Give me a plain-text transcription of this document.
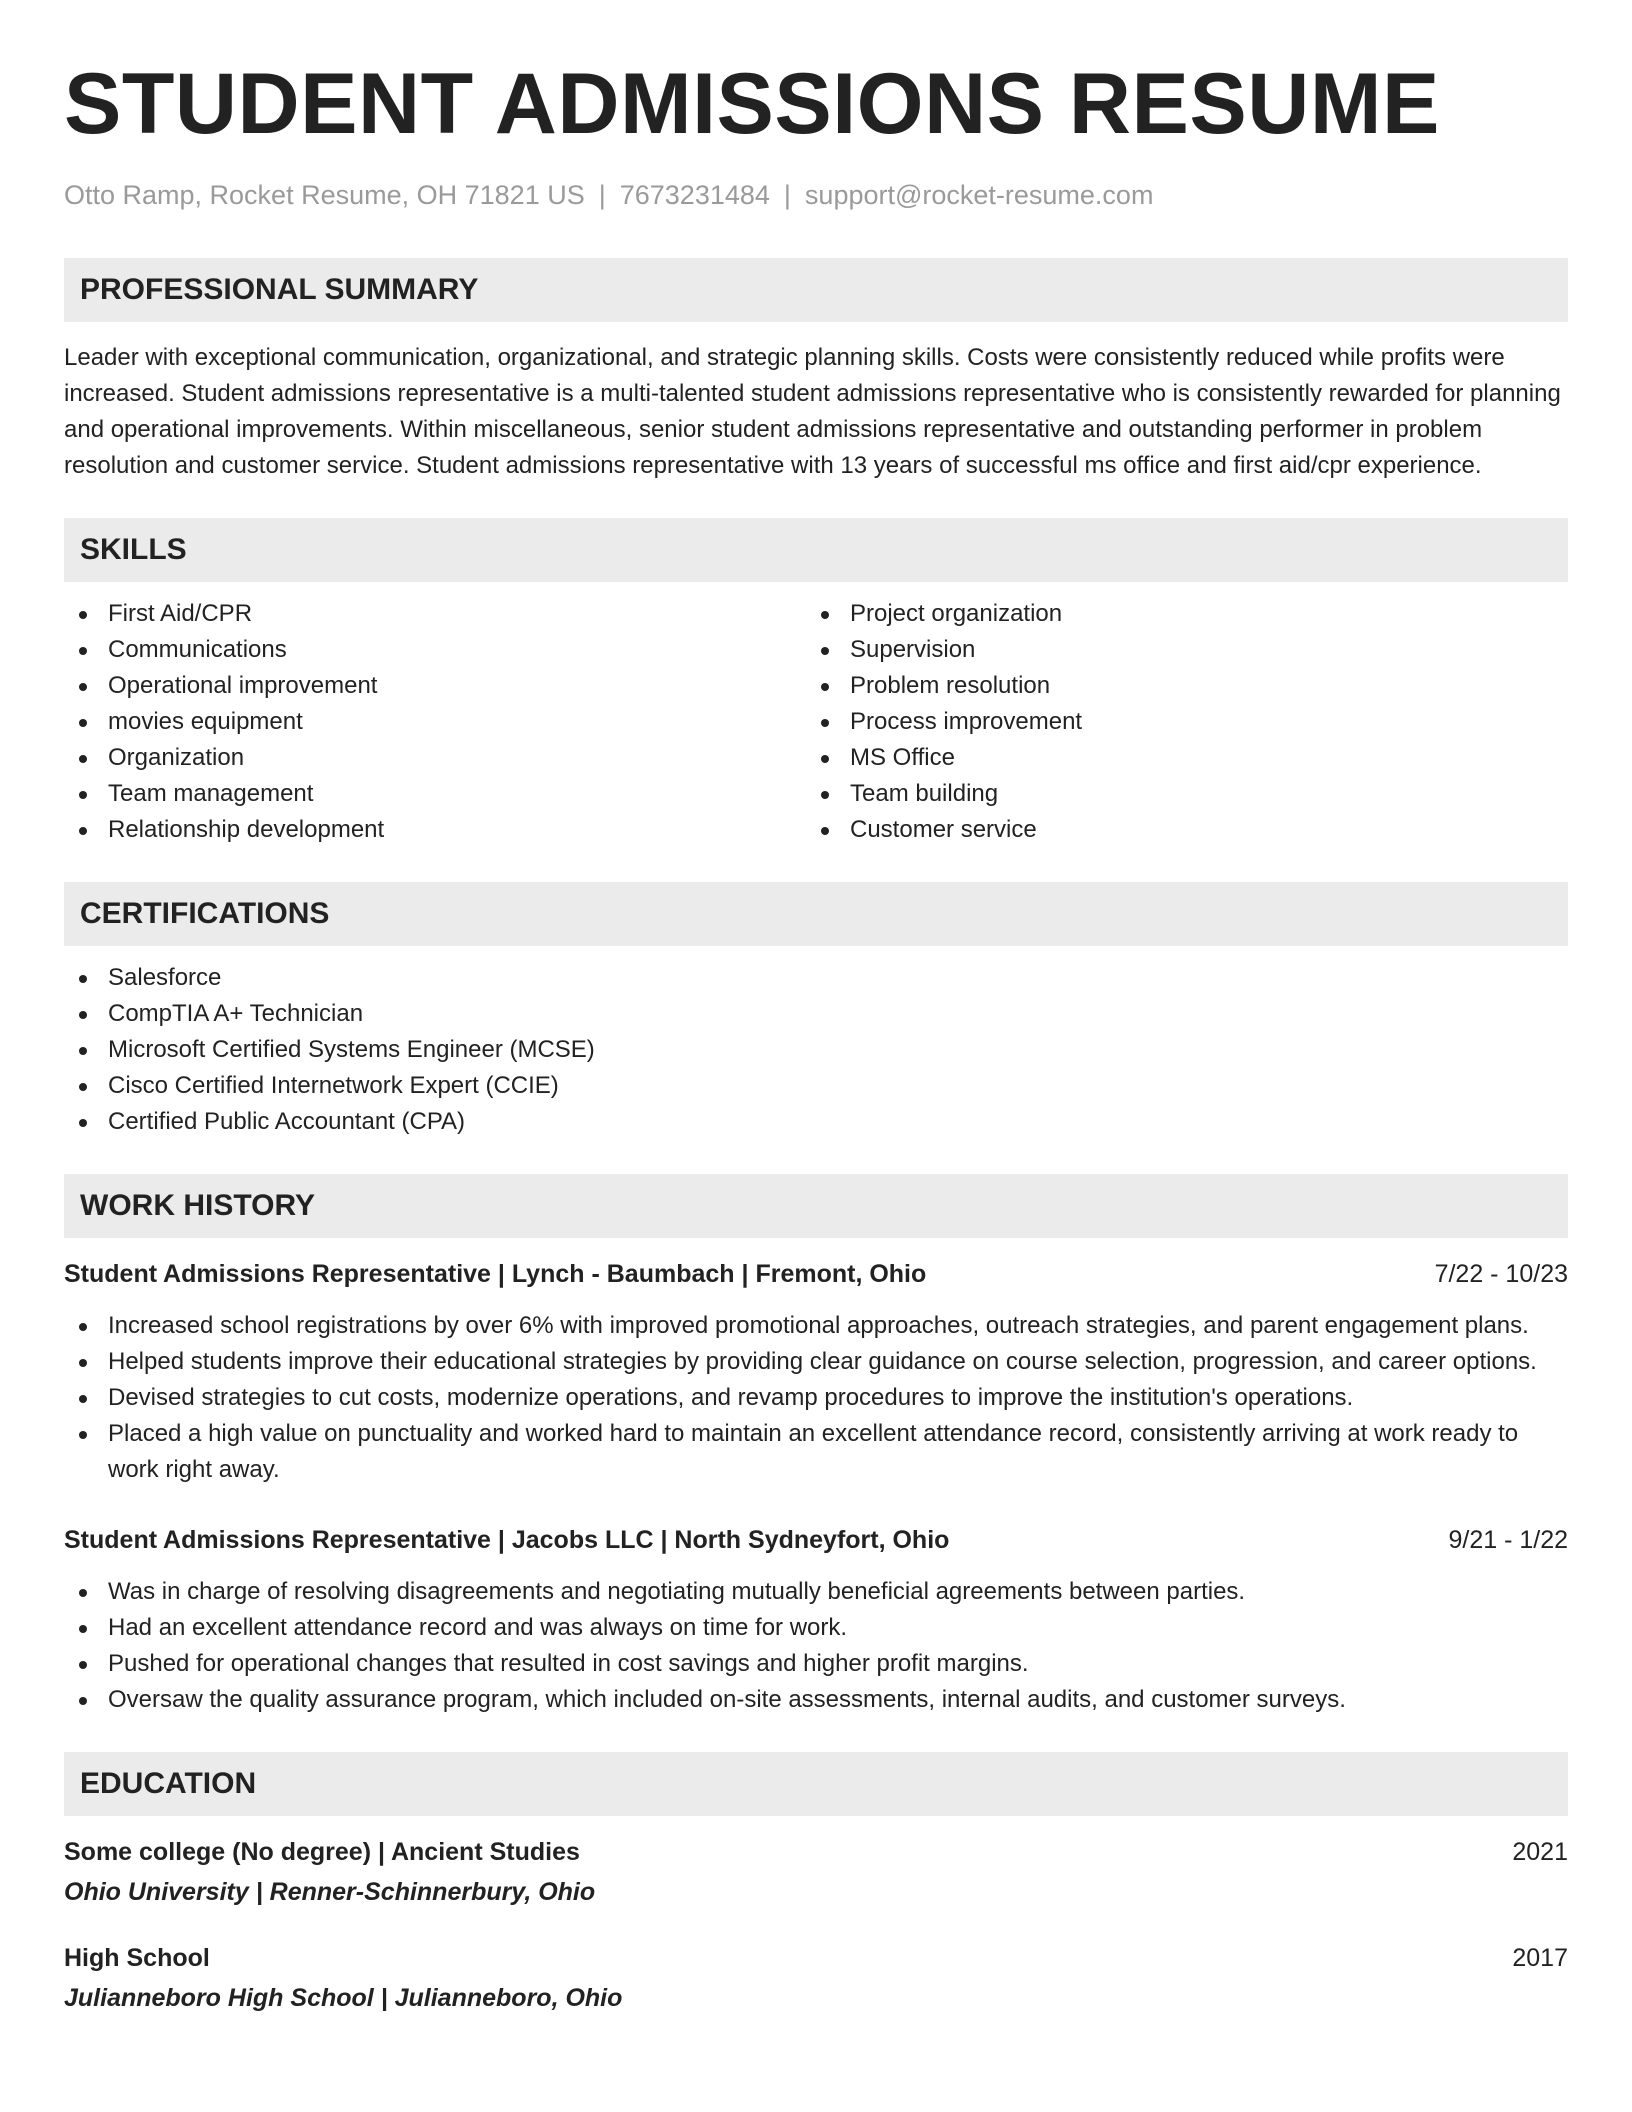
STUDENT ADMISSIONS RESUME
Otto Ramp, Rocket Resume, OH 71821 US | 7673231484 | support@rocket-resume.com
PROFESSIONAL SUMMARY

Leader with exceptional communication, organizational, and strategic planning skills. Costs were consistently reduced while profits were increased. Student admissions representative is a multi-talented student admissions representative who is consistently rewarded for planning and operational improvements. Within miscellaneous, senior student admissions representative and outstanding performer in problem resolution and customer service. Student admissions representative with 13 years of successful ms office and first aid/cpr experience.

SKILLS
First Aid/CPR
Communications
Operational improvement
movies equipment
Organization
Team management
Relationship development
Project organization
Supervision
Problem resolution
Process improvement
MS Office
Team building
Customer service
CERTIFICATIONS
Salesforce
CompTIA A+ Technician
Microsoft Certified Systems Engineer (MCSE)
Cisco Certified Internetwork Expert (CCIE)
Certified Public Accountant (CPA)
WORK HISTORY
Student Admissions Representative | Lynch - Baumbach | Fremont, Ohio	7/22 - 10/23
Increased school registrations by over 6% with improved promotional approaches, outreach strategies, and parent engagement plans.
Helped students improve their educational strategies by providing clear guidance on course selection, progression, and career options.
Devised strategies to cut costs, modernize operations, and revamp procedures to improve the institution's operations.
Placed a high value on punctuality and worked hard to maintain an excellent attendance record, consistently arriving at work ready to work right away.
Student Admissions Representative | Jacobs LLC | North Sydneyfort, Ohio	9/21 - 1/22
Was in charge of resolving disagreements and negotiating mutually beneficial agreements between parties.
Had an excellent attendance record and was always on time for work.
Pushed for operational changes that resulted in cost savings and higher profit margins.
Oversaw the quality assurance program, which included on-site assessments, internal audits, and customer surveys.
EDUCATION
Some college (No degree) | Ancient Studies	2021
Ohio University | Renner-Schinnerbury, Ohio
High School	2017
Julianneboro High School | Julianneboro, Ohio
